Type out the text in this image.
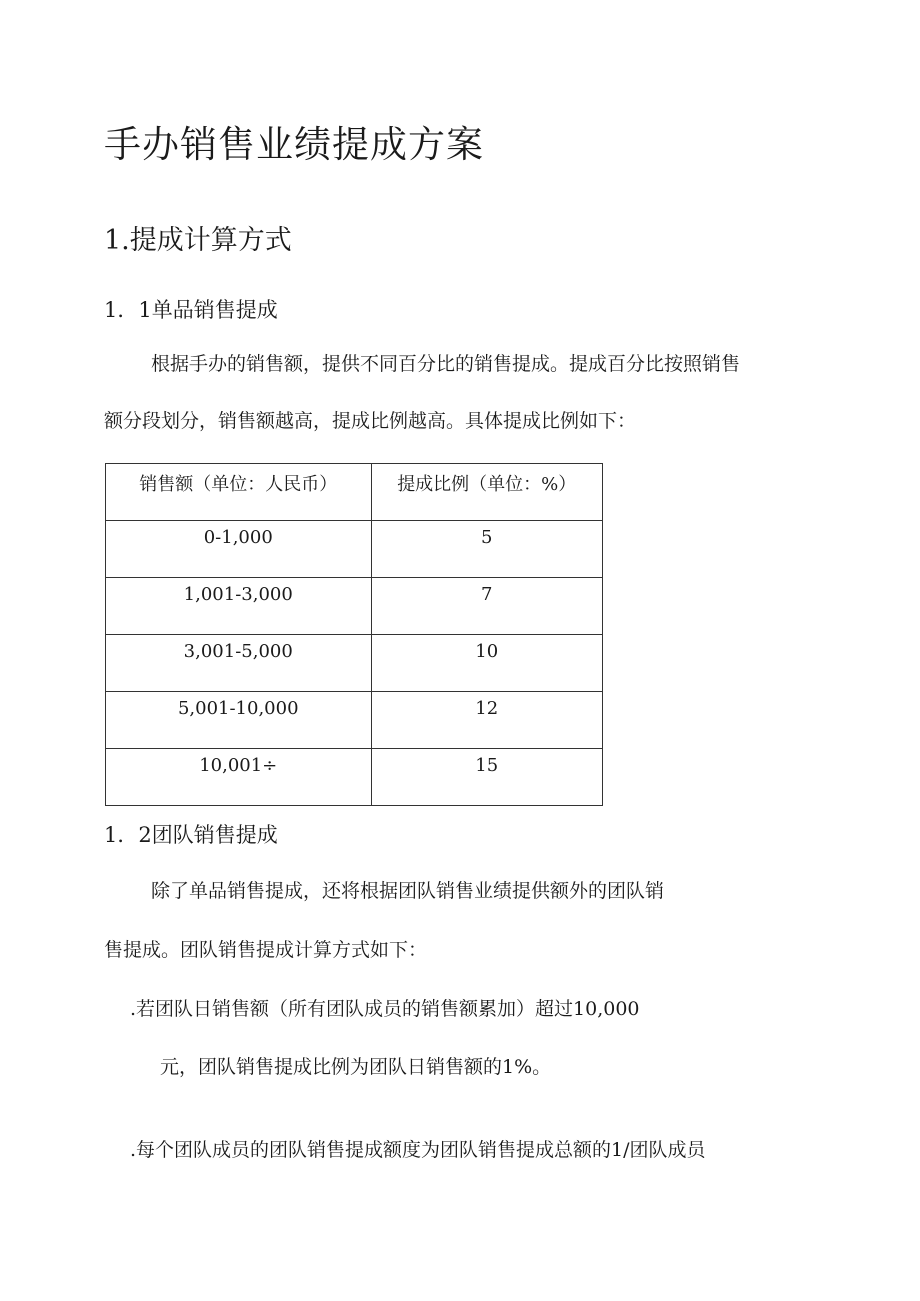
手办销售业绩提成方案
1.提成计算方式
1．1单品销售提成
根据手办的销售额，提供不同百分比的销售提成。提成百分比按照销售
额分段划分，销售额越高，提成比例越高。具体提成比例如下：
销售额（单位：人民币）	提成比例（单位：%）
0-1,000	5
1,001-3,000	7
3,001-5,000	10
5,001-10,000	12
10,001÷	15
1．2团队销售提成
除了单品销售提成，还将根据团队销售业绩提供额外的团队销
售提成。团队销售提成计算方式如下：
.若团队日销售额（所有团队成员的销售额累加）超过10,000
元，团队销售提成比例为团队日销售额的1%。
.每个团队成员的团队销售提成额度为团队销售提成总额的1/团队成员
